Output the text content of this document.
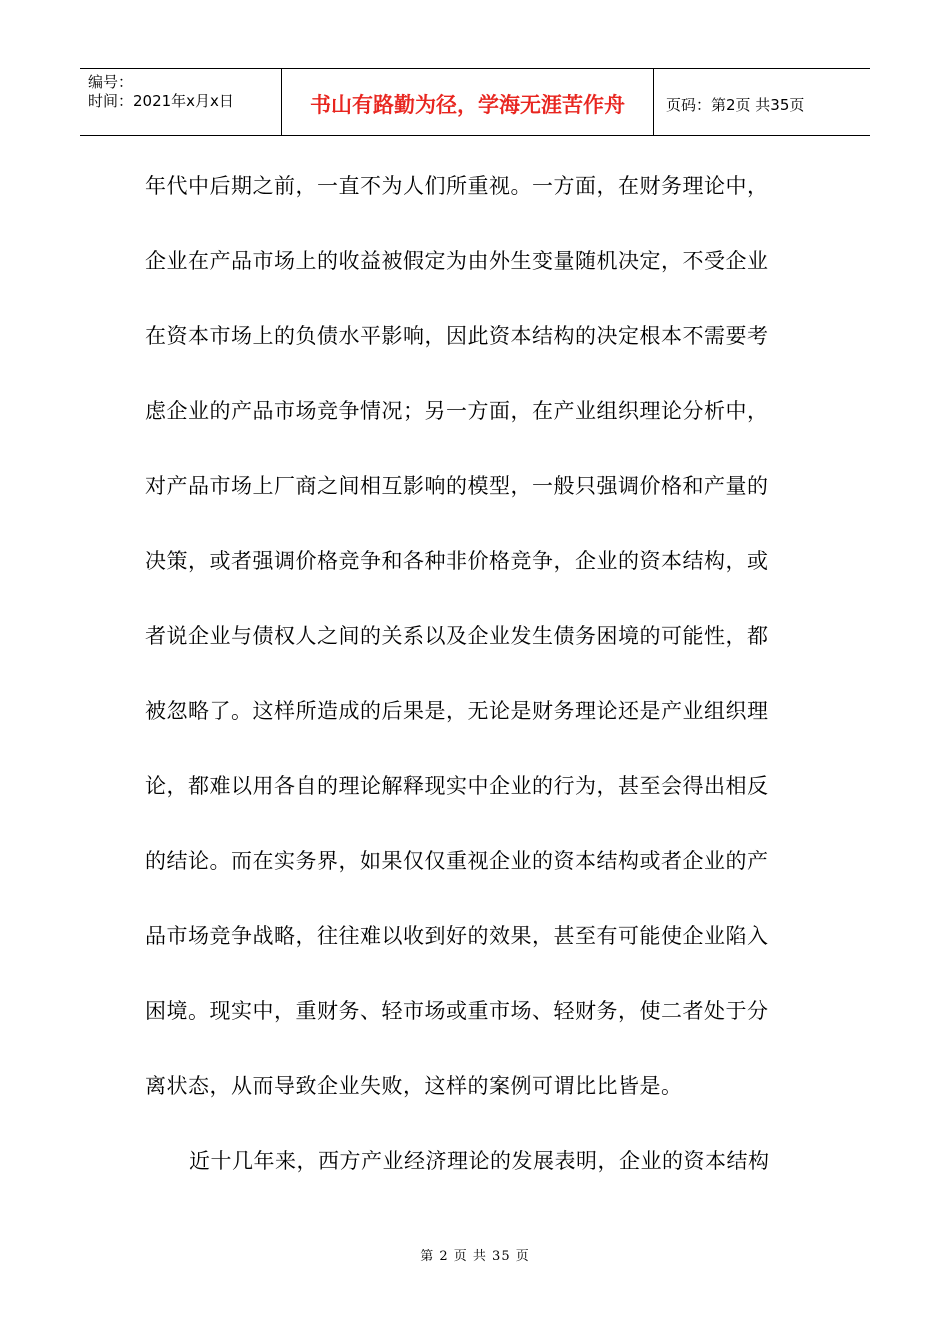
编号：
时间：2021年x月x日	书山有路勤为径，学海无涯苦作舟	页码：第2页 共35页
年代中后期之前，一直不为人们所重视。一方面，在财务理论中，
企业在产品市场上的收益被假定为由外生变量随机决定，不受企业
在资本市场上的负债水平影响，因此资本结构的决定根本不需要考
虑企业的产品市场竞争情况；另一方面，在产业组织理论分析中，
对产品市场上厂商之间相互影响的模型，一般只强调价格和产量的
决策，或者强调价格竞争和各种非价格竞争，企业的资本结构，或
者说企业与债权人之间的关系以及企业发生债务困境的可能性，都
被忽略了。这样所造成的后果是，无论是财务理论还是产业组织理
论，都难以用各自的理论解释现实中企业的行为，甚至会得出相反
的结论。而在实务界，如果仅仅重视企业的资本结构或者企业的产
品市场竞争战略，往往难以收到好的效果，甚至有可能使企业陷入
困境。现实中，重财务、轻市场或重市场、轻财务，使二者处于分
离状态，从而导致企业失败，这样的案例可谓比比皆是。
近十几年来，西方产业经济理论的发展表明，企业的资本结构
第 2 页 共 35 页
